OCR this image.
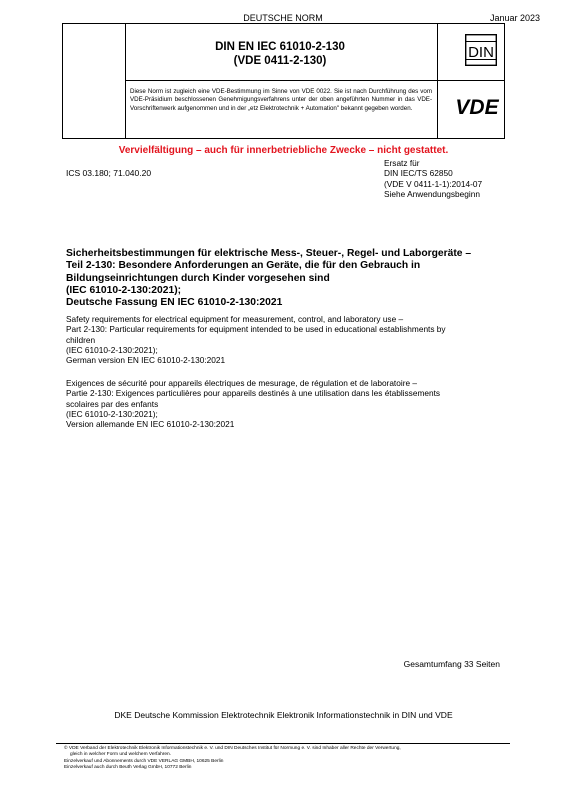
DEUTSCHE NORM	Januar 2023
DIN EN IEC 61010-2-130
(VDE 0411-2-130)	DIN
VDE
Diese Norm ist zugleich eine VDE-Bestimmung im Sinne von VDE 0022. Sie ist nach Durchführung des vom VDE-Präsidium beschlossenen Genehmigungsverfahrens unter der oben angeführten Nummer in das VDE-Vorschriftenwerk aufgenommen und in der „etz Elektrotechnik + Automation" bekannt gegeben worden.
Vervielfältigung – auch für innerbetriebliche Zwecke – nicht gestattet.
ICS 03.180; 71.040.20
Ersatz für
DIN IEC/TS 62850
(VDE V 0411-1-1):2014-07
Siehe Anwendungsbeginn
Sicherheitsbestimmungen für elektrische Mess-, Steuer-, Regel- und Laborgeräte –
Teil 2-130: Besondere Anforderungen an Geräte, die für den Gebrauch in
Bildungseinrichtungen durch Kinder vorgesehen sind
(IEC 61010-2-130:2021);
Deutsche Fassung EN IEC 61010-2-130:2021
Safety requirements for electrical equipment for measurement, control, and laboratory use –
Part 2-130: Particular requirements for equipment intended to be used in educational establishments by
children
(IEC 61010-2-130:2021);
German version EN IEC 61010-2-130:2021
Exigences de sécurité pour appareils électriques de mesurage, de régulation et de laboratoire –
Partie 2-130: Exigences particulières pour appareils destinés à une utilisation dans les établissements
scolaires par des enfants
(IEC 61010-2-130:2021);
Version allemande EN IEC 61010-2-130:2021
Gesamtumfang 33 Seiten
DKE Deutsche Kommission Elektrotechnik Elektronik Informationstechnik in DIN und VDE
© VDE Verband der Elektrotechnik Elektronik Informationstechnik e. V. und DIN Deutsches Institut für Normung e. V. sind Inhaber aller Rechte der Verwertung,
gleich in welcher Form und welchem Verfahren.
Einzelverkauf und Abonnements durch VDE VERLAG GMBH, 10625 Berlin
Einzelverkauf auch durch Beuth Verlag GmbH, 10772 Berlin
